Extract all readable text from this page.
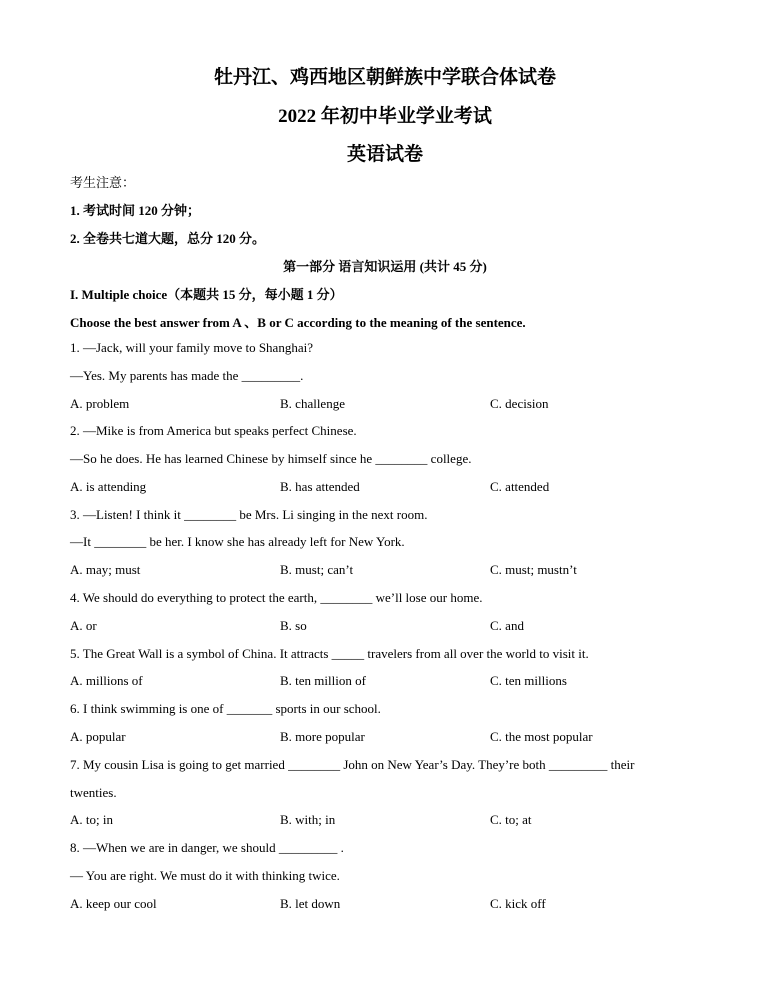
牡丹江、鸡西地区朝鲜族中学联合体试卷
2022 年初中毕业学业考试
英语试卷
考生注意：
1. 考试时间 120 分钟；
2. 全卷共七道大题，总分 120 分。
第一部分 语言知识运用 (共计 45 分)
I. Multiple choice（本题共 15 分，每小题 1 分）
Choose the best answer from A 、B or C according to the meaning of the sentence.
1. —Jack, will your family move to Shanghai?
—Yes. My parents has made the _________.
A. problem	B. challenge	C. decision
2. —Mike is from America but speaks perfect Chinese.
—So he does. He has learned Chinese by himself since he ________ college.
A. is attending	B. has attended	C. attended
3. —Listen! I think it ________ be Mrs. Li singing in the next room.
—It ________ be her. I know she has already left for New York.
A. may; must	B. must; can’t	C. must; mustn’t
4. We should do everything to protect the earth, ________ we’ll lose our home.
A. or	B. so	C. and
5. The Great Wall is a symbol of China. It attracts _____ travelers from all over the world to visit it.
A. millions of	B. ten million of	C. ten millions
6. I think swimming is one of _______ sports in our school.
A. popular	B. more popular	C. the most popular
7. My cousin Lisa is going to get married ________ John on New Year’s Day. They’re both _________ their
twenties.
A. to; in	B. with; in	C. to; at
8. —When we are in danger, we should _________ .
— You are right. We must do it with thinking twice.
A. keep our cool	B. let down	C. kick off
